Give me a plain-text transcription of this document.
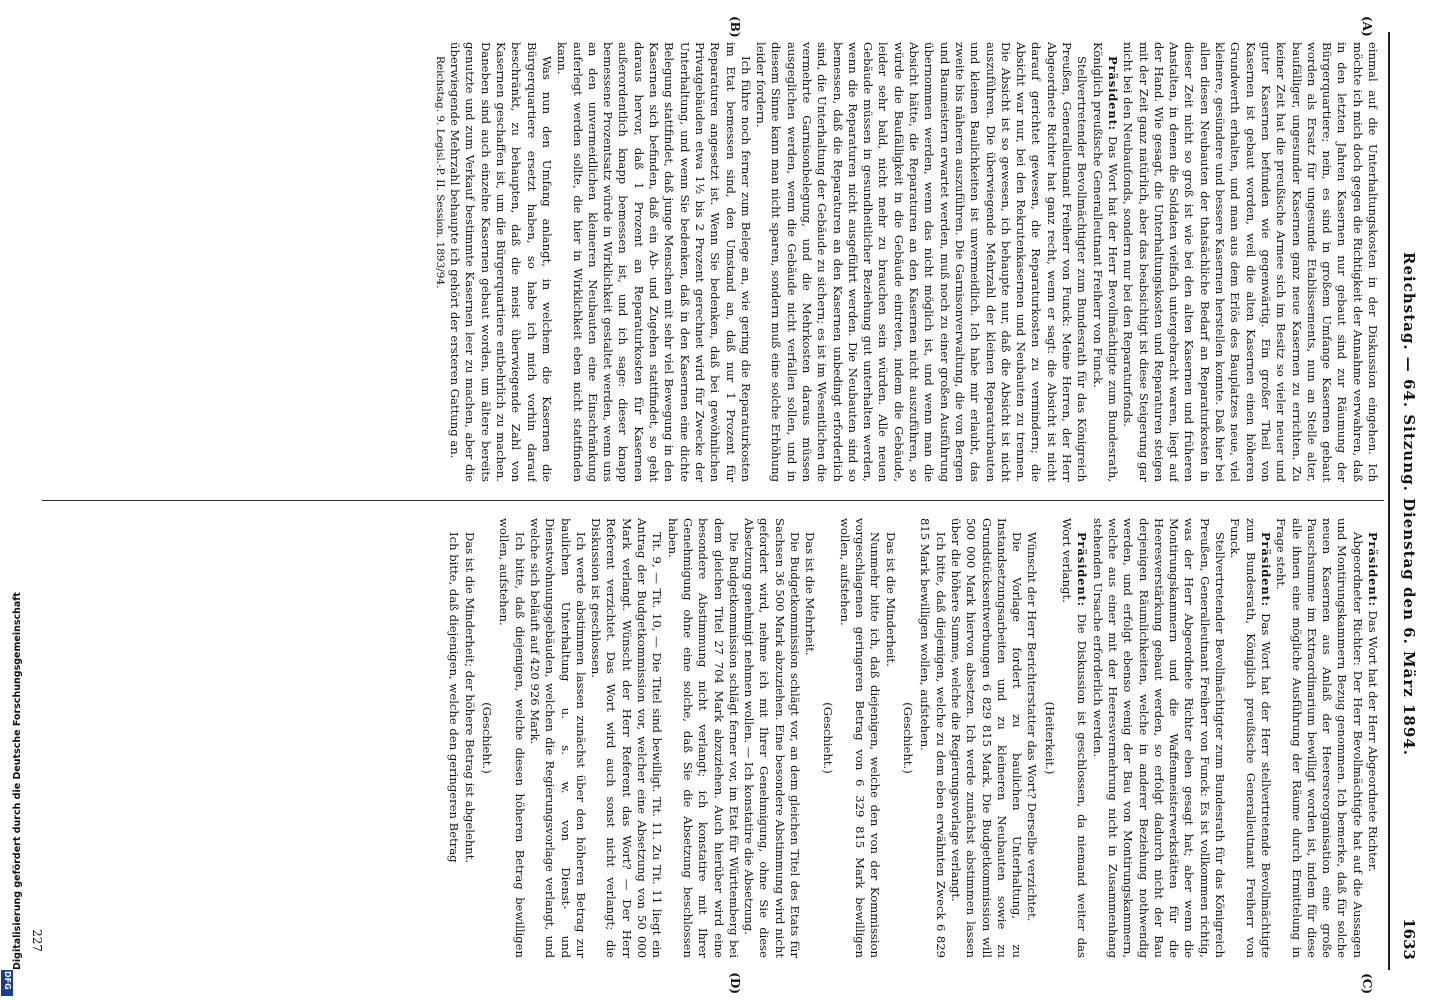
Reichstag. — 64. Sitzung. Dienstag den 6. März 1894.
1633
(A)
(B)
(C)
(D)

einmal auf die Unterhaltungskosten in der Diskussion eingehen. Ich möchte ich mich doch gegen die Richtigkeit der Annahme verwahren, daß in den letzten Jahren Kasernen nur gebaut sind zur Räumung der Bürgerquartiere; nein, es sind in großem Umfange Kasernen gebaut worden als Ersatz für ungesunde Etablissements, nun an Stelle alter, baufälliger, ungesunder Kasernen ganz neue Kasernen zu errichten. Zu keiner Zeit hat die preußische Armee sich im Besitz so vieler neuer und guter Kasernen befunden wie gegenwärtig. Ein großer Theil von Kasernen ist gebaut worden, weil die alten Kasernen einen höheren Grundwerth erhalten, und man aus dem Erlös des Bauplatzes neue, viel kleinere, gesündere und bessere Kasernen herstellen konnte. Daß hier bei allen diesen Neubauten der thatsächliche Bedarf an Reparaturkosten in dieser Zeit nicht so groß ist wie bei den alten Kasernen und früheren Anstalten, in denen die Soldaten vielfach untergebracht waren, liegt auf der Hand. Wie gesagt, die Unterhaltungskosten und Reparaturen steigen mit der Zeit ganz natürlich, aber das beabsichtigt ist diese Steigerung gar nicht bei den Neubaufonds, sondern nur bei den Reparaturfonds.

Präsident: Das Wort hat der Herr Bevollmächtigte zum Bundesrath, Königlich preußische Generalleutnant Freiherr von Funck.

Stellvertretender Bevollmächtigter zum Bundesrath für das Königreich Preußen, Generalleutnant Freiherr von Funck: Meine Herren, der Herr Abgeordnete Richter hat ganz recht, wenn er sagt: die Absicht ist nicht darauf gerichtet gewesen, die Reparaturkosten zu vermindern; die Absicht war nur, bei den Rekrutenkasernen und Neubauten zu trennen. Die Absicht ist so gewesen, ich behaupte nur, daß die Absicht ist nicht auszuführen. Die überwiegende Mehrzahl der kleinen Reparaturbauten und kleinen Baulichkeiten ist unvermeidlich. Ich habe mir erlaubt, das zweite bis näheren auszuführen. Die Garnisonverwaltung, die von Bergen und Baumeistern erwartet werden, muß noch zu einer großen Ausführung übernommen werden, wenn das nicht möglich ist, und wenn man die Absicht hätte, die Reparaturen an den Kasernen nicht auszuführen, so würde die Baufälligkeit in die Gebäude eintreten, indem die Gebäude, leider sehr bald, nicht mehr zu brauchen sein würden. Alle neuen Gebäude müssen in gesundheitlicher Beziehung gut unterhalten werden, wenn die Reparaturen nicht ausgeführt werden. Die Neubauten sind so bemessen, daß die Reparaturen an den Kasernen unbedingt erforderlich sind, die Unterhaltung der Gebäude zu sichern; es ist im Wesentlichen die vermehrte Garnisonbelegung, und die Mehrkosten daraus müssen ausgeglichen werden, wenn die Gebäude nicht verfallen sollen, und in diesem Sinne kann man nicht sparen, sondern muß eine solche Erhöhung leider fordern.

Ich führe noch ferner zum Belege an, wie gering die Reparaturkosten im Etat bemessen sind, den Umstand an, daß nur 1 Prozent für Reparaturen angesetzt ist. Wenn Sie bedenken, daß bei gewöhnlichen Privatgebäuden etwa 1½ bis 2 Prozent gerechnet wird für Zwecke der Unterhaltung, und wenn Sie bedenken, daß in den Kasernen eine dichte Belegung stattfindet, daß junge Menschen mit sehr viel Bewegung in den Kasernen sich befinden, daß ein Ab- und Zugehen stattfindet, so geht daraus hervor, daß 1 Prozent an Reparaturkosten für Kasernen außerordentlich knapp bemessen ist, und ich sage: dieser knapp bemessene Prozentsatz würde in Wirklichkeit gestaltet werden, wenn uns an den unvermeidlichen kleineren Neubauten eine Einschränkung auferlegt werden sollte, die hier in Wirklichkeit eben nicht stattfinden kann.

Was nun den Umfang anlangt, in welchem die Kasernen die Bürgerquartiere ersetzt haben, so habe ich mich vorhin darauf beschränkt, zu behaupten, daß die meist überwiegende Zahl von Kasernen geschaffen ist, um die Bürgerquartiere entbehrlich zu machen. Daneben sind auch einzelne Kasernen gebaut worden, um ältere bereits genutzte und zum Verkauf bestimmte Kasernen leer zu machen, aber die überwiegende Mehrzahl behaupte ich gehört der ersteren Gattung an.

Reichstag. 9. Legisl.-P. II. Session. 1893/94.

Präsident: Das Wort hat der Herr Abgeordnete Richter.

Abgeordneter Richter: Der Herr Bevollmächtigte hat auf die Aussagen und Montirungskammern Bezug genommen. Ich bemerke, daß für solche neuen Kasernen aus Anlaß der Heeresreorganisation eine große Pauschsumme im Extraordinarium bewilligt worden ist, indem für diese alle ihnen eine mögliche Ausführung der Räume durch Ermittelung in Frage steht.

Präsident: Das Wort hat der Herr stellvertretende Bevollmächtigte zum Bundesrath, Königlich preußische Generalleutnant Freiherr von Funck.

Stellvertretender Bevollmächtigter zum Bundesrath für das Königreich Preußen, Generalleutnant Freiherr von Funck: Es ist vollkommen richtig, was der Herr Abgeordnete Richter eben gesagt hat; aber wenn die Montirungskammern und die Waffenmeisterwerkstätten für die Heeresverstärkung gebaut werden, so erfolgt dadurch nicht der Bau derjenigen Räumlichkeiten, welche in anderer Beziehung nothwendig werden, und erfolgt ebenso wenig der Bau von Montirungskammern, welche aus einer mit der Heeresvermehrung nicht in Zusammenhang stehenden Ursache erforderlich werden.

Präsident: Die Diskussion ist geschlossen, da niemand weiter das Wort verlangt.

(Heiterkeit.)

Wünscht der Herr Berichterstatter das Wort? Derselbe verzichtet.

Die Vorlage fordert zu baulichen Unterhaltung, zu Instandsetzungsarbeiten und zu kleineren Neubauten sowie zu Grundstücksentwerbungen 6 829 815 Mark. Die Budgetkommission will 500 000 Mark hiervon absetzen. Ich werde zunächst abstimmen lassen über die höhere Summe, welche die Regierungsvorlage verlangt.

Ich bitte, daß diejenigen, welche zu dem eben erwähnten Zweck 6 829 815 Mark bewilligen wollen, aufstehen.

(Geschieht.)

Das ist die Minderheit.

Nunmehr bitte ich, daß diejenigen, welche den von der Kommission vorgeschlagenen geringeren Betrag von 6 329 815 Mark bewilligen wollen, aufstehen.

(Geschieht.)

Das ist die Mehrheit.

Die Budgetkommission schlägt vor, an dem gleichen Titel des Etats für Sachsen 36 500 Mark abzuziehen. Eine besondere Abstimmung wird nicht gefordert wird, nehme ich mit Ihrer Genehmigung, ohne Sie diese Absetzung genehmigt nehmen wollen. — Ich konstatire die Absetzung.

Die Budgetkommission schlägt ferner vor, im Etat für Württemberg bei dem gleichen Titel 27 704 Mark abzuziehen. Auch hierüber wird eine besondere Abstimmung nicht verlangt; ich konstatire mit Ihrer Genehmigung ohne eine solche, daß Sie die Absetzung beschlossen haben.

Tit. 9, — Tit. 10, — Die Titel sind bewilligt. Tit. 11. Zu Tit. 11 liegt ein Antrag der Budgetkommission vor, welcher eine Absetzung von 50 000 Mark verlangt. Wünscht der Herr Referent das Wort? — Der Herr Referent verzichtet. Das Wort wird auch sonst nicht verlangt; die Diskussion ist geschlossen.

Ich werde abstimmen lassen zunächst über den höheren Betrag zur baulichen Unterhaltung u. s. w. von Dienst- und Dienstwohnungsgebäuden, welchen die Regierungsvorlage verlangt, und welche sich beläuft auf 420 926 Mark.

Ich bitte, daß diejenigen, welche diesen höheren Betrag bewilligen wollen, aufstehen.

(Geschieht.)

Das ist die Minderheit; der höhere Betrag ist abgelehnt.

Ich bitte, daß diejenigen, welche den geringeren Betrag

227
Digitalisierung gefördert durch die Deutsche Forschungsgemeinschaft
DFG
